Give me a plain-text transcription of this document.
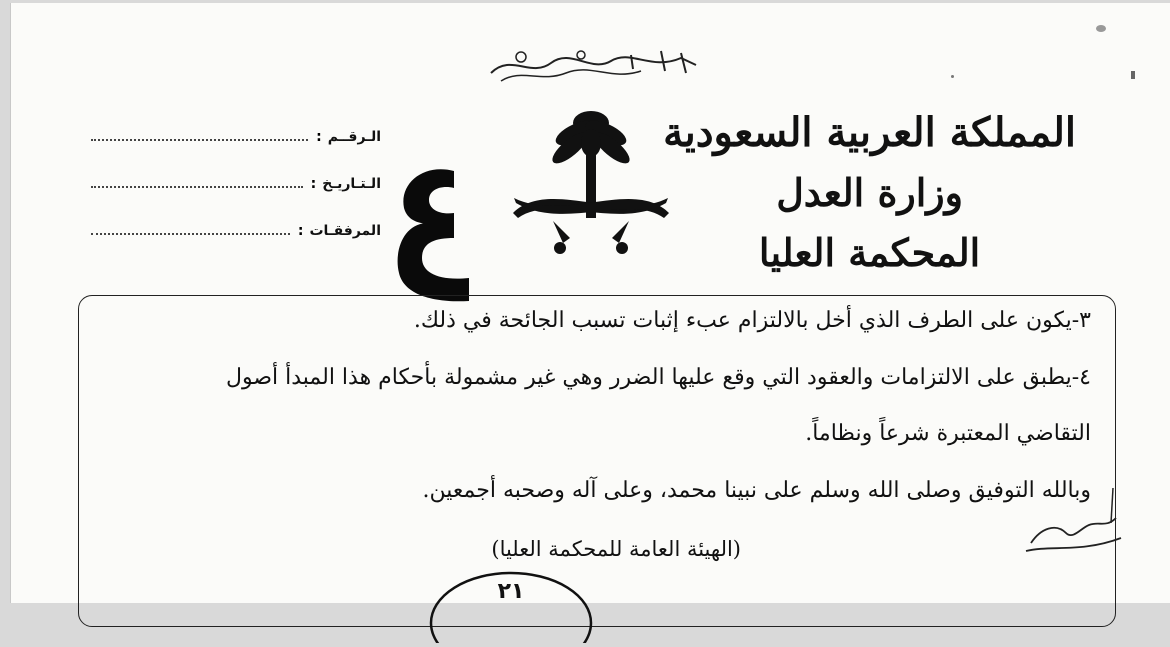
المملكة العربية السعودية
وزارة العدل
المحكمة العليا
الـرقــم
:
الـتـاريـخ
:
المرفقـات
:
٣-يكون على الطرف الذي أخل بالالتزام عبء إثبات تسبب الجائحة في ذلك.
٤-يطبق على الالتزامات والعقود التي وقع عليها الضرر وهي غير مشمولة بأحكام هذا المبدأ أصول
التقاضي المعتبرة شرعاً ونظاماً.
وبالله التوفيق وصلى الله وسلم على نبينا محمد، وعلى آله وصحبه أجمعين.
(الهيئة العامة للمحكمة العليا)
٢١
